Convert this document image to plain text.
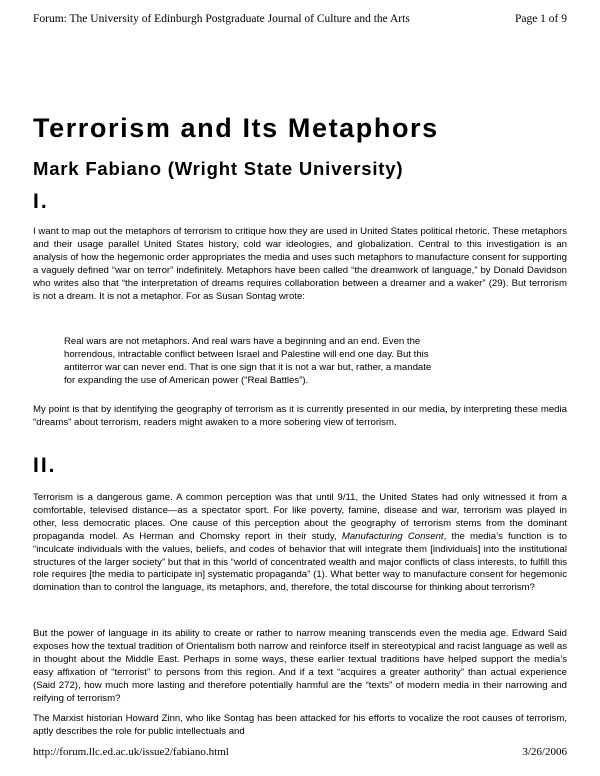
Forum: The University of Edinburgh Postgraduate Journal of Culture and the Arts	Page 1 of 9
Terrorism and Its Metaphors
Mark Fabiano (Wright State University)
I.

I want to map out the metaphors of terrorism to critique how they are used in United States political rhetoric. These metaphors and their usage parallel United States history, cold war ideologies, and globalization. Central to this investigation is an analysis of how the hegemonic order appropriates the media and uses such metaphors to manufacture consent for supporting a vaguely defined “war on terror” indefinitely. Metaphors have been called “the dreamwork of language,” by Donald Davidson who writes also that “the interpretation of dreams requires collaboration between a dreamer and a waker” (29). But terrorism is not a dream. It is not a metaphor. For as Susan Sontag wrote:

Real wars are not metaphors. And real wars have a beginning and an end. Even the horrendous, intractable conflict between Israel and Palestine will end one day. But this antiterror war can never end. That is one sign that it is not a war but, rather, a mandate for expanding the use of American power (“Real Battles”).

My point is that by identifying the geography of terrorism as it is currently presented in our media, by interpreting these media “dreams” about terrorism, readers might awaken to a more sobering view of terrorism.

II.

Terrorism is a dangerous game. A common perception was that until 9/11, the United States had only witnessed it from a comfortable, televised distance—as a spectator sport. For like poverty, famine, disease and war, terrorism was played in other, less democratic places. One cause of this perception about the geography of terrorism stems from the dominant propaganda model. As Herman and Chomsky report in their study, Manufacturing Consent, the media’s function is to “inculcate individuals with the values, beliefs, and codes of behavior that will integrate them [individuals] into the institutional structures of the larger society” but that in this “world of concentrated wealth and major conflicts of class interests, to fulfill this role requires [the media to participate in] systematic propaganda” (1). What better way to manufacture consent for hegemonic domination than to control the language, its metaphors, and, therefore, the total discourse for thinking about terrorism?

But the power of language in its ability to create or rather to narrow meaning transcends even the media age. Edward Said exposes how the textual tradition of Orientalism both narrow and reinforce itself in stereotypical and racist language as well as in thought about the Middle East. Perhaps in some ways, these earlier textual traditions have helped support the media’s easy affixation of “terrorist” to persons from this region. And if a text “acquires a greater authority” than actual experience (Said 272), how much more lasting and therefore potentially harmful are the “texts” of modern media in their narrowing and reifying of terrorism?

The Marxist historian Howard Zinn, who like Sontag has been attacked for his efforts to vocalize the root causes of terrorism, aptly describes the role for public intellectuals and

http://forum.llc.ed.ac.uk/issue2/fabiano.html	3/26/2006
